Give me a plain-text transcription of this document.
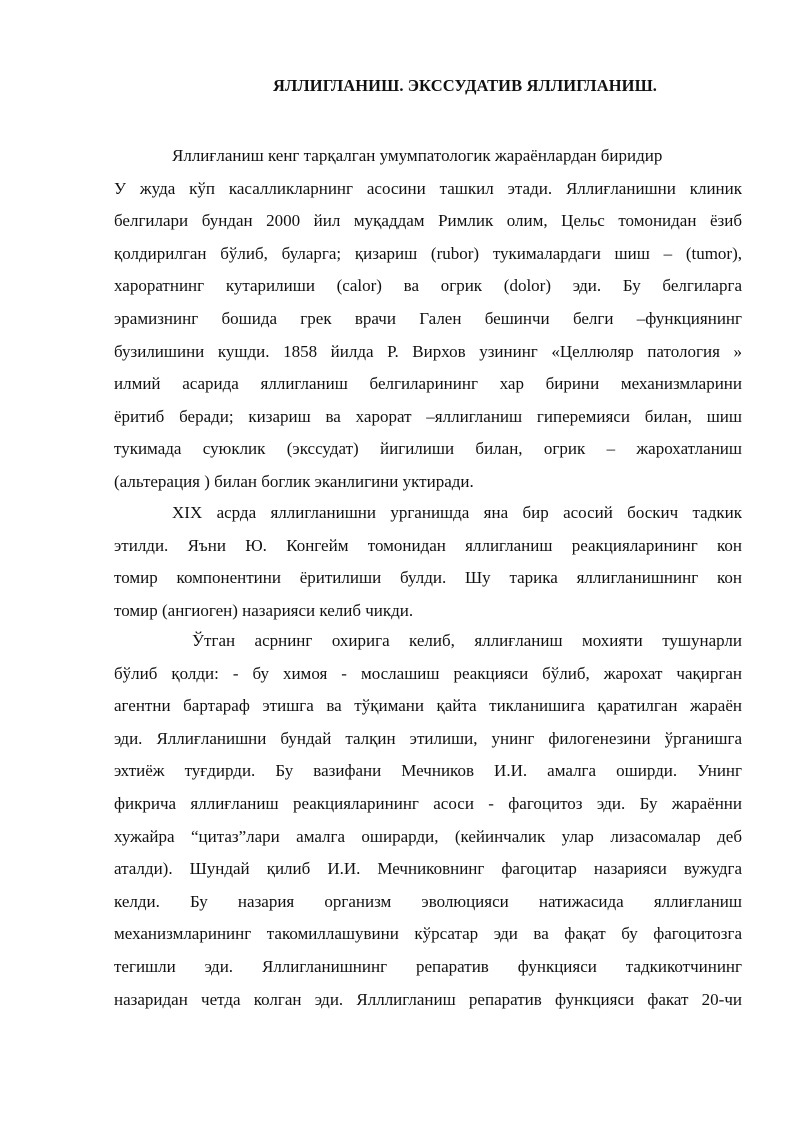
ЯЛЛИГЛАНИШ. ЭКССУДАТИВ ЯЛЛИГЛАНИШ.
Яллиғланиш кенг тарқалган умумпатологик жараёнлардан биридир
У жуда кўп касалликларнинг асосини ташкил этади. Яллиғланишни клиник
белгилари бундан 2000 йил муқаддам Римлик олим, Цельс томонидан ёзиб
қолдирилган бўлиб, буларга; қизариш (rubor) тукималардаги шиш – (tumor),
хароратнинг кутарилиши (calor) ва огрик (dolor) эди. Бу белгиларга
эрамизнинг бошида грек врачи Гален бешинчи белги –функциянинг
бузилишини кушди. 1858 йилда Р. Вирхов узининг «Целлюляр патология »
илмий асарида яллигланиш белгиларининг хар бирини механизмларини
ёритиб беради; кизариш ва харорат –яллигланиш гиперемияси билан, шиш
тукимада суюклик (экссудат) йигилиши билан, огрик – жарохатланиш
(альтерация ) билан боглик эканлигини уктиради.
XIX асрда яллигланишни урганишда яна бир асосий боскич тадкик
этилди. Яъни Ю. Конгейм томонидан яллигланиш реакцияларининг кон
томир компонентини ёритилиши булди. Шу тарика яллигланишнинг кон
томир (ангиоген) назарияси келиб чикди.
Ўтган асрнинг охирига келиб, яллиғланиш мохияти тушунарли
бўлиб қолди: - бу химоя - мослашиш реакцияси бўлиб, жарохат чақирган
агентни бартараф этишга ва тўқимани қайта тикланишига қаратилган жараён
эди. Яллиғланишни бундай талқин этилиши, унинг филогенезини ўрганишга
эхтиёж туғдирди. Бу вазифани Мечников И.И. амалга оширди. Унинг
фикрича яллиғланиш реакцияларининг асоси - фагоцитоз эди. Бу жараённи
хужайра “цитаз”лари амалга оширарди, (кейинчалик улар лизасомалар деб
аталди). Шундай қилиб И.И. Мечниковнинг фагоцитар назарияси вужудга
келди. Бу назария организм эволюцияси натижасида яллиғланиш
механизмларининг такомиллашувини кўрсатар эди ва фақат бу фагоцитозга
тегишли эди. Яллигланишнинг репаратив функцияси тадкикотчининг
назаридан четда колган эди. Ялллигланиш репаратив функцияси факат 20-чи
